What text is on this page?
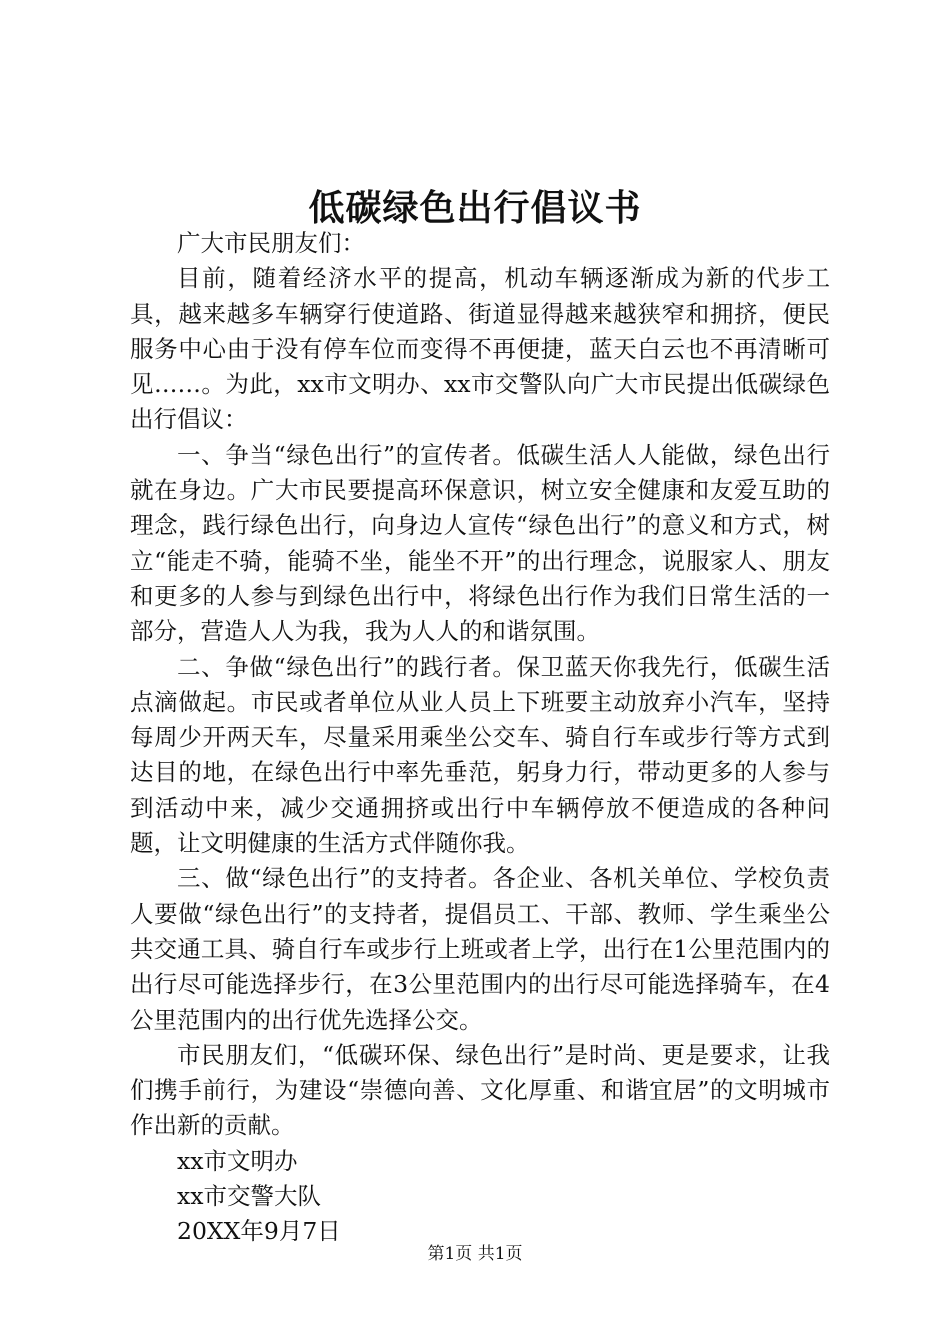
低碳绿色出行倡议书

广大市民朋友们：

目前，随着经济水平的提高，机动车辆逐渐成为新的代步工具，越来越多车辆穿行使道路、街道显得越来越狭窄和拥挤，便民服务中心由于没有停车位而变得不再便捷，蓝天白云也不再清晰可见……。为此，xx市文明办、xx市交警队向广大市民提出低碳绿色出行倡议：

一、争当“绿色出行”的宣传者。低碳生活人人能做，绿色出行就在身边。广大市民要提高环保意识，树立安全健康和友爱互助的理念，践行绿色出行，向身边人宣传“绿色出行”的意义和方式，树立“能走不骑，能骑不坐，能坐不开”的出行理念，说服家人、朋友和更多的人参与到绿色出行中，将绿色出行作为我们日常生活的一部分，营造人人为我，我为人人的和谐氛围。

二、争做“绿色出行”的践行者。保卫蓝天你我先行，低碳生活点滴做起。市民或者单位从业人员上下班要主动放弃小汽车，坚持每周少开两天车，尽量采用乘坐公交车、骑自行车或步行等方式到达目的地，在绿色出行中率先垂范，躬身力行，带动更多的人参与到活动中来，减少交通拥挤或出行中车辆停放不便造成的各种问题，让文明健康的生活方式伴随你我。

三、做“绿色出行”的支持者。各企业、各机关单位、学校负责人要做“绿色出行”的支持者，提倡员工、干部、教师、学生乘坐公共交通工具、骑自行车或步行上班或者上学，出行在1公里范围内的出行尽可能选择步行，在3公里范围内的出行尽可能选择骑车，在4公里范围内的出行优先选择公交。

市民朋友们，“低碳环保、绿色出行”是时尚、更是要求，让我们携手前行，为建设“崇德向善、文化厚重、和谐宜居”的文明城市作出新的贡献。

xx市文明办

xx市交警大队

20XX年9月7日

第1页 共1页
